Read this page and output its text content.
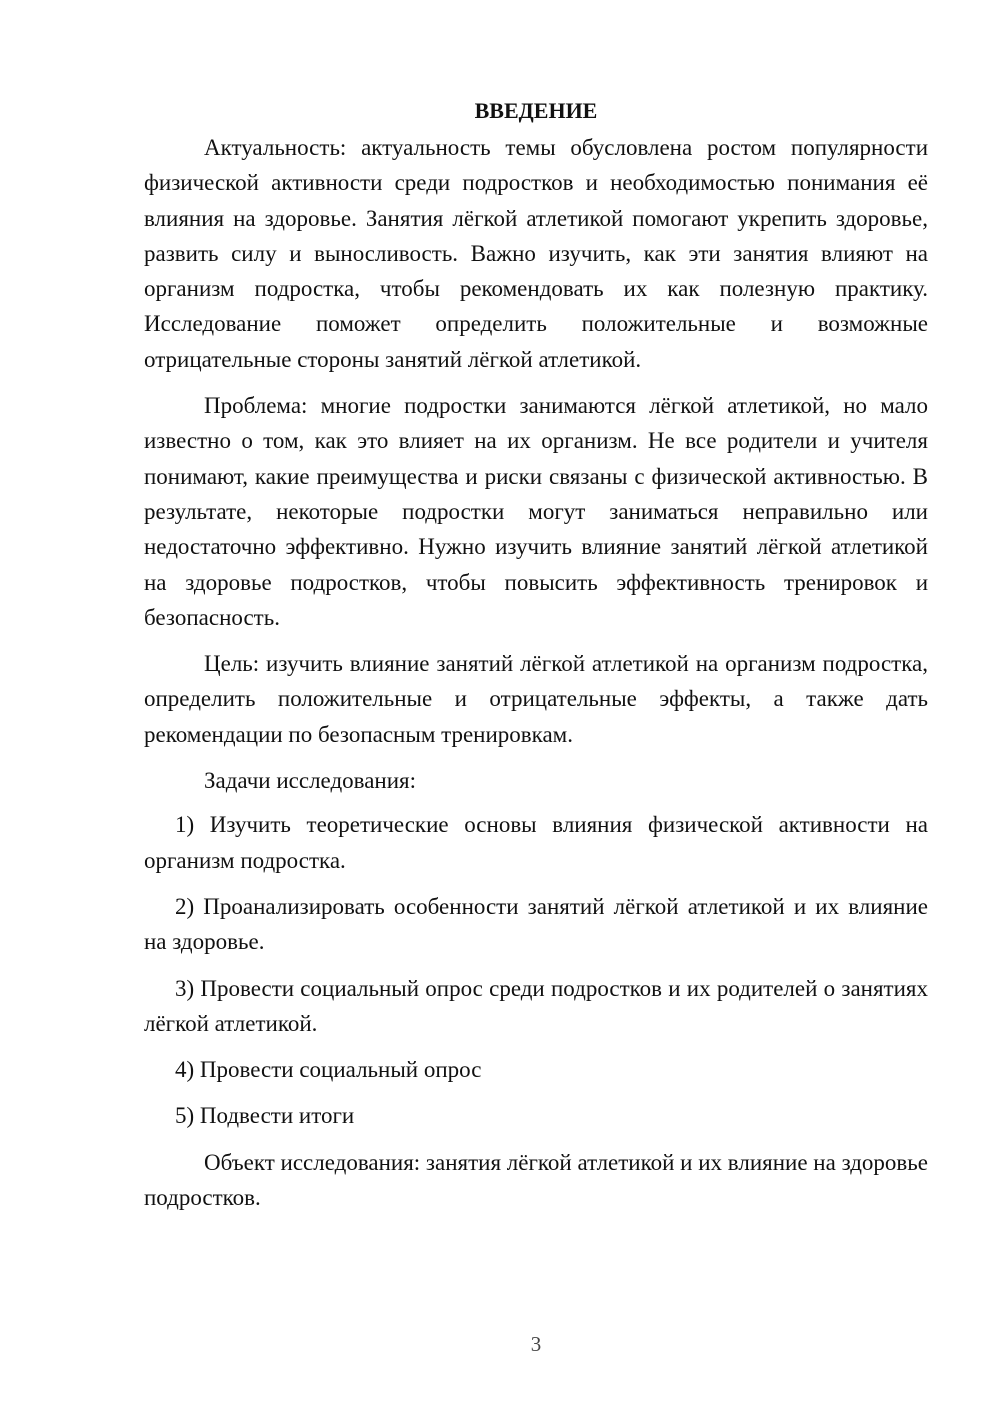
ВВЕДЕНИЕ

Актуальность: актуальность темы обусловлена ростом популярности физической активности среди подростков и необходимостью понимания её влияния на здоровье. Занятия лёгкой атлетикой помогают укрепить здоровье, развить силу и выносливость. Важно изучить, как эти занятия влияют на организм подростка, чтобы рекомендовать их как полезную практику. Исследование поможет определить положительные и возможные отрицательные стороны занятий лёгкой атлетикой.

Проблема: многие подростки занимаются лёгкой атлетикой, но мало известно о том, как это влияет на их организм. Не все родители и учителя понимают, какие преимущества и риски связаны с физической активностью. В результате, некоторые подростки могут заниматься неправильно или недостаточно эффективно. Нужно изучить влияние занятий лёгкой атлетикой на здоровье подростков, чтобы повысить эффективность тренировок и безопасность.

Цель: изучить влияние занятий лёгкой атлетикой на организм подростка, определить положительные и отрицательные эффекты, а также дать рекомендации по безопасным тренировкам.

Задачи исследования:

1) Изучить теоретические основы влияния физической активности на организм подростка.

2) Проанализировать особенности занятий лёгкой атлетикой и их влияние на здоровье.

3) Провести социальный опрос среди подростков и их родителей о занятиях лёгкой атлетикой.

4) Провести социальный опрос

5) Подвести итоги

Объект исследования: занятия лёгкой атлетикой и их влияние на здоровье подростков.

3
